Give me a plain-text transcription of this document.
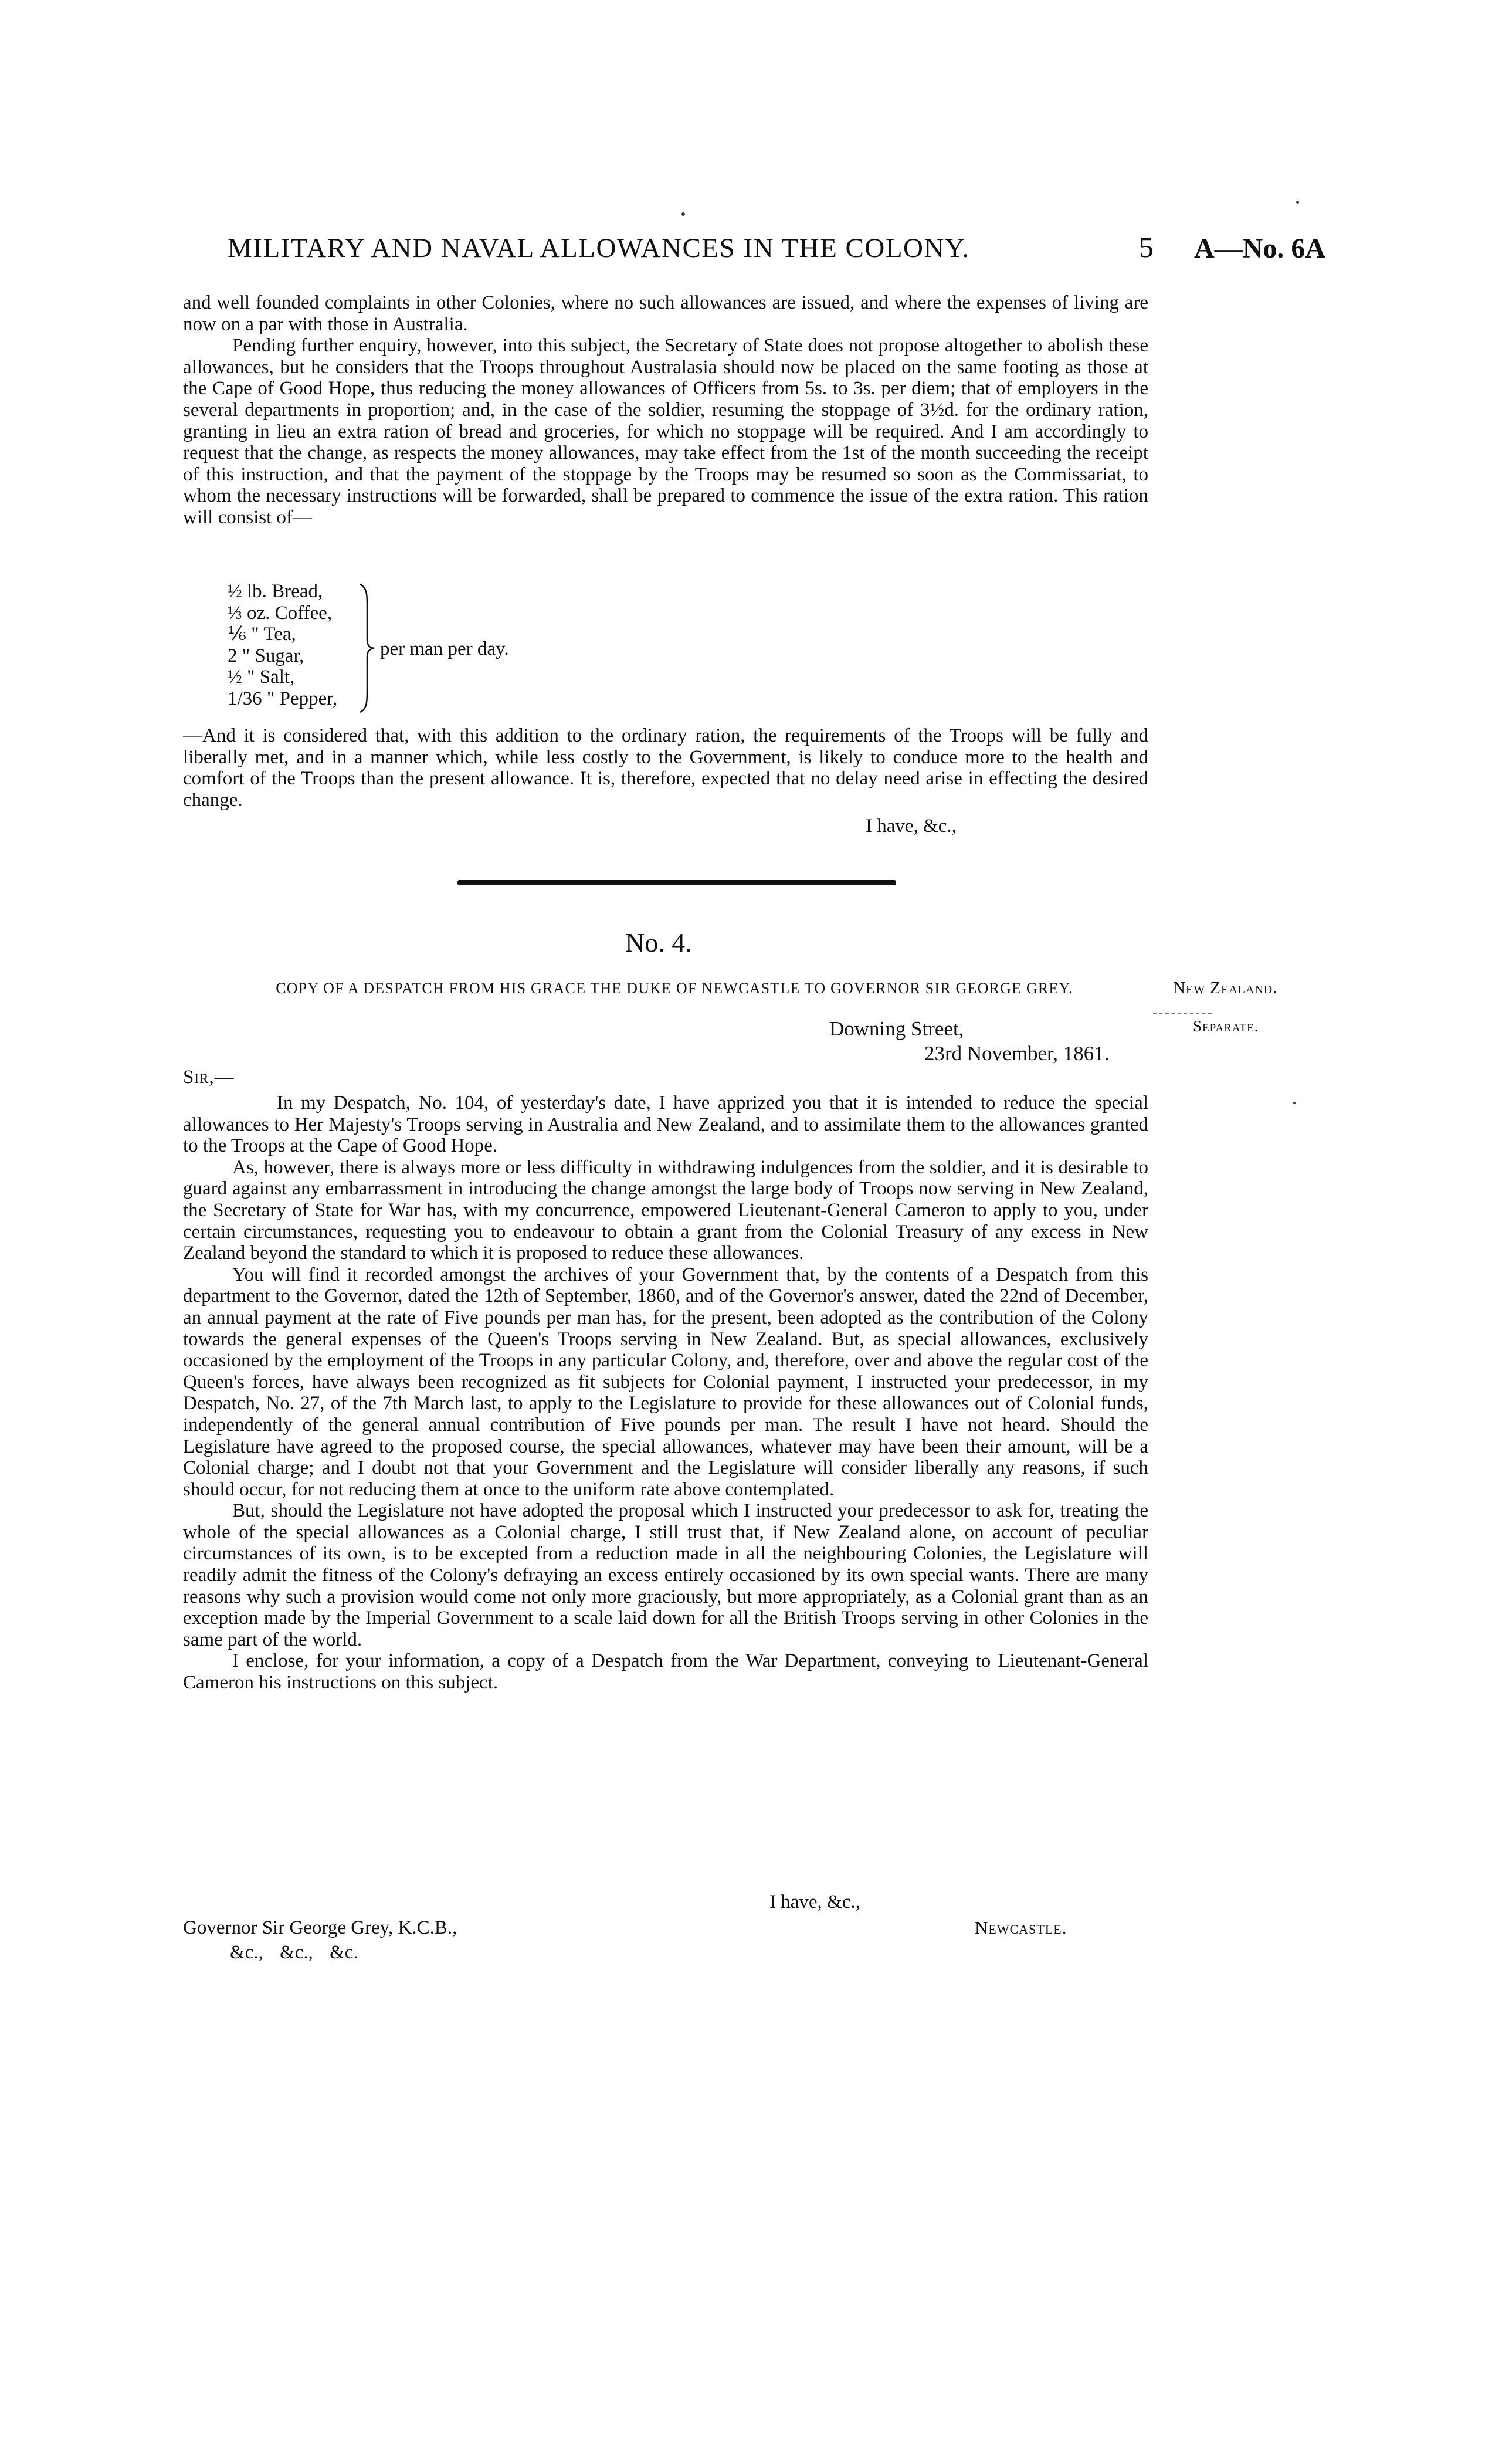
MILITARY AND NAVAL ALLOWANCES IN THE COLONY.	5 A—No. 6A

and well founded complaints in other Colonies, where no such allowances are issued, and where the expenses of living are now on a par with those in Australia.

Pending further enquiry, however, into this subject, the Secretary of State does not propose altogether to abolish these allowances, but he considers that the Troops throughout Australasia should now be placed on the same footing as those at the Cape of Good Hope, thus reducing the money allowances of Officers from 5s. to 3s. per diem; that of employers in the several departments in proportion; and, in the case of the soldier, resuming the stoppage of 3½d. for the ordinary ration, granting in lieu an extra ration of bread and groceries, for which no stoppage will be required. And I am accordingly to request that the change, as respects the money allowances, may take effect from the 1st of the month succeeding the receipt of this instruction, and that the payment of the stoppage by the Troops may be resumed so soon as the Commissariat, to whom the necessary instructions will be forwarded, shall be prepared to commence the issue of the extra ration. This ration will consist of—

½ lb. Bread,
⅓ oz. Coffee,
⅙ " Tea,
2 " Sugar,
½ " Salt,
1/36 " Pepper,
per man per day.

—And it is considered that, with this addition to the ordinary ration, the requirements of the Troops will be fully and liberally met, and in a manner which, while less costly to the Government, is likely to conduce more to the health and comfort of the Troops than the present allowance. It is, therefore, expected that no delay need arise in effecting the desired change.

I have, &c.,
No. 4.
COPY OF A DESPATCH FROM HIS GRACE THE DUKE OF NEWCASTLE TO GOVERNOR SIR GEORGE GREY.	New Zealand.
Separate.
Downing Street,
23rd November, 1861.
Sir,—

In my Despatch, No. 104, of yesterday's date, I have apprized you that it is intended to reduce the special allowances to Her Majesty's Troops serving in Australia and New Zealand, and to assimilate them to the allowances granted to the Troops at the Cape of Good Hope.

As, however, there is always more or less difficulty in withdrawing indulgences from the soldier, and it is desirable to guard against any embarrassment in introducing the change amongst the large body of Troops now serving in New Zealand, the Secretary of State for War has, with my concurrence, empowered Lieutenant-General Cameron to apply to you, under certain circumstances, requesting you to endeavour to obtain a grant from the Colonial Treasury of any excess in New Zealand beyond the standard to which it is proposed to reduce these allowances.

You will find it recorded amongst the archives of your Government that, by the contents of a Despatch from this department to the Governor, dated the 12th of September, 1860, and of the Governor's answer, dated the 22nd of December, an annual payment at the rate of Five pounds per man has, for the present, been adopted as the contribution of the Colony towards the general expenses of the Queen's Troops serving in New Zealand. But, as special allowances, exclusively occasioned by the employment of the Troops in any particular Colony, and, therefore, over and above the regular cost of the Queen's forces, have always been recognized as fit subjects for Colonial payment, I instructed your predecessor, in my Despatch, No. 27, of the 7th March last, to apply to the Legislature to provide for these allowances out of Colonial funds, independently of the general annual contribution of Five pounds per man. The result I have not heard. Should the Legislature have agreed to the proposed course, the special allowances, whatever may have been their amount, will be a Colonial charge; and I doubt not that your Government and the Legislature will consider liberally any reasons, if such should occur, for not reducing them at once to the uniform rate above contemplated.

But, should the Legislature not have adopted the proposal which I instructed your predecessor to ask for, treating the whole of the special allowances as a Colonial charge, I still trust that, if New Zealand alone, on account of peculiar circumstances of its own, is to be excepted from a reduction made in all the neighbouring Colonies, the Legislature will readily admit the fitness of the Colony's defraying an excess entirely occasioned by its own special wants. There are many reasons why such a provision would come not only more graciously, but more appropriately, as a Colonial grant than as an exception made by the Imperial Government to a scale laid down for all the British Troops serving in other Colonies in the same part of the world.

I enclose, for your information, a copy of a Despatch from the War Department, conveying to Lieutenant-General Cameron his instructions on this subject.

I have, &c.,
Governor Sir George Grey, K.C.B.,	Newcastle.
&c., &c., &c.
